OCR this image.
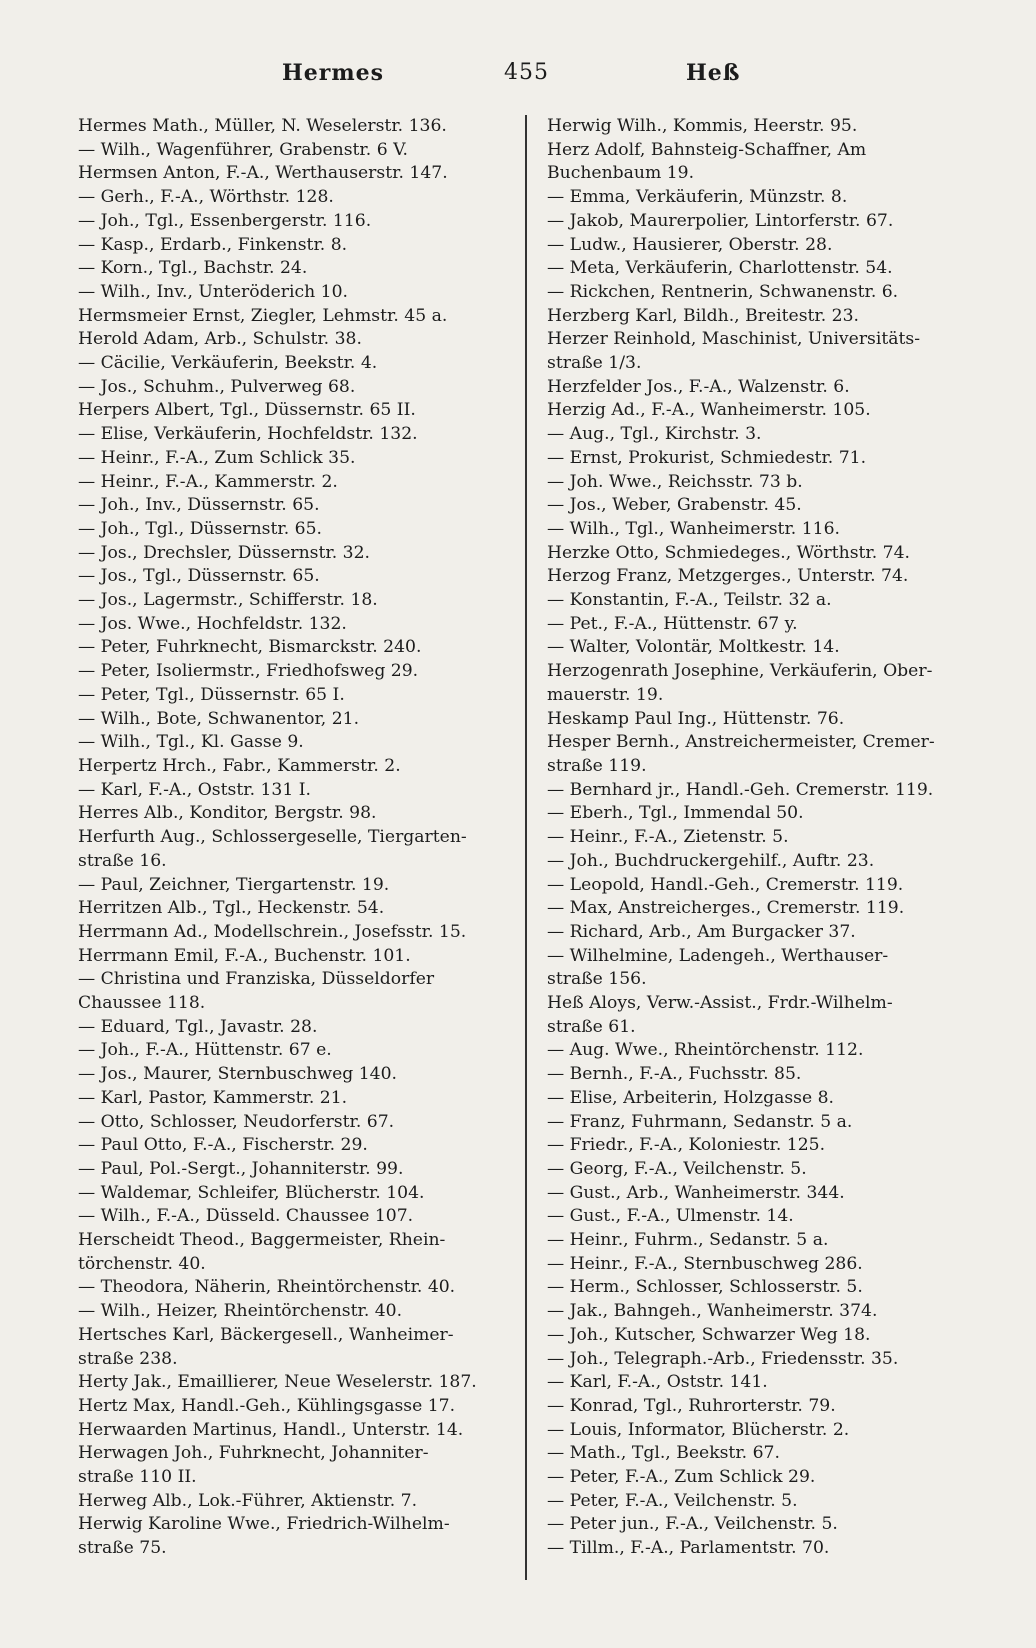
Hermes	455	Heß

Hermes Math., Müller, N. Weselerstr. 136.

— Wilh., Wagenführer, Grabenstr. 6 V.

Hermsen Anton, F.-A., Werthauserstr. 147.

— Gerh., F.-A., Wörthstr. 128.

— Joh., Tgl., Essenbergerstr. 116.

— Kasp., Erdarb., Finkenstr. 8.

— Korn., Tgl., Bachstr. 24.

— Wilh., Inv., Unteröderich 10.

Hermsmeier Ernst, Ziegler, Lehmstr. 45 a.

Herold Adam, Arb., Schulstr. 38.

— Cäcilie, Verkäuferin, Beekstr. 4.

— Jos., Schuhm., Pulverweg 68.

Herpers Albert, Tgl., Düssernstr. 65 II.

— Elise, Verkäuferin, Hochfeldstr. 132.

— Heinr., F.-A., Zum Schlick 35.

— Heinr., F.-A., Kammerstr. 2.

— Joh., Inv., Düssernstr. 65.

— Joh., Tgl., Düssernstr. 65.

— Jos., Drechsler, Düssernstr. 32.

— Jos., Tgl., Düssernstr. 65.

— Jos., Lagermstr., Schifferstr. 18.

— Jos. Wwe., Hochfeldstr. 132.

— Peter, Fuhrknecht, Bismarckstr. 240.

— Peter, Isoliermstr., Friedhofsweg 29.

— Peter, Tgl., Düssernstr. 65 I.

— Wilh., Bote, Schwanentor, 21.

— Wilh., Tgl., Kl. Gasse 9.

Herpertz Hrch., Fabr., Kammerstr. 2.

— Karl, F.-A., Oststr. 131 I.

Herres Alb., Konditor, Bergstr. 98.

Herfurth Aug., Schlossergeselle, Tiergarten-
straße 16.

— Paul, Zeichner, Tiergartenstr. 19.

Herritzen Alb., Tgl., Heckenstr. 54.

Herrmann Ad., Modellschrein., Josefsstr. 15.

Herrmann Emil, F.-A., Buchenstr. 101.

— Christina und Franziska, Düsseldorfer
Chaussee 118.

— Eduard, Tgl., Javastr. 28.

— Joh., F.-A., Hüttenstr. 67 e.

— Jos., Maurer, Sternbuschweg 140.

— Karl, Pastor, Kammerstr. 21.

— Otto, Schlosser, Neudorferstr. 67.

— Paul Otto, F.-A., Fischerstr. 29.

— Paul, Pol.-Sergt., Johanniterstr. 99.

— Waldemar, Schleifer, Blücherstr. 104.

— Wilh., F.-A., Düsseld. Chaussee 107.

Herscheidt Theod., Baggermeister, Rhein-
törchenstr. 40.

— Theodora, Näherin, Rheintörchenstr. 40.

— Wilh., Heizer, Rheintörchenstr. 40.

Hertsches Karl, Bäckergesell., Wanheimer-
straße 238.

Herty Jak., Emaillierer, Neue Weselerstr. 187.

Hertz Max, Handl.-Geh., Kühlingsgasse 17.

Herwaarden Martinus, Handl., Unterstr. 14.

Herwagen Joh., Fuhrknecht, Johanniter-
straße 110 II.

Herweg Alb., Lok.-Führer, Aktienstr. 7.

Herwig Karoline Wwe., Friedrich-Wilhelm-
straße 75.

Herwig Wilh., Kommis, Heerstr. 95.

Herz Adolf, Bahnsteig-Schaffner, Am
Buchenbaum 19.

— Emma, Verkäuferin, Münzstr. 8.

— Jakob, Maurerpolier, Lintorferstr. 67.

— Ludw., Hausierer, Oberstr. 28.

— Meta, Verkäuferin, Charlottenstr. 54.

— Rickchen, Rentnerin, Schwanenstr. 6.

Herzberg Karl, Bildh., Breitestr. 23.

Herzer Reinhold, Maschinist, Universitäts-
straße 1/3.

Herzfelder Jos., F.-A., Walzenstr. 6.

Herzig Ad., F.-A., Wanheimerstr. 105.

— Aug., Tgl., Kirchstr. 3.

— Ernst, Prokurist, Schmiedestr. 71.

— Joh. Wwe., Reichsstr. 73 b.

— Jos., Weber, Grabenstr. 45.

— Wilh., Tgl., Wanheimerstr. 116.

Herzke Otto, Schmiedeges., Wörthstr. 74.

Herzog Franz, Metzgerges., Unterstr. 74.

— Konstantin, F.-A., Teilstr. 32 a.

— Pet., F.-A., Hüttenstr. 67 y.

— Walter, Volontär, Moltkestr. 14.

Herzogenrath Josephine, Verkäuferin, Ober-
mauerstr. 19.

Heskamp Paul Ing., Hüttenstr. 76.

Hesper Bernh., Anstreichermeister, Cremer-
straße 119.

— Bernhard jr., Handl.-Geh. Cremerstr. 119.

— Eberh., Tgl., Immendal 50.

— Heinr., F.-A., Zietenstr. 5.

— Joh., Buchdruckergehilf., Auftr. 23.

— Leopold, Handl.-Geh., Cremerstr. 119.

— Max, Anstreicherges., Cremerstr. 119.

— Richard, Arb., Am Burgacker 37.

— Wilhelmine, Ladengeh., Werthauser-
straße 156.

Heß Aloys, Verw.-Assist., Frdr.-Wilhelm-
straße 61.

— Aug. Wwe., Rheintörchenstr. 112.

— Bernh., F.-A., Fuchsstr. 85.

— Elise, Arbeiterin, Holzgasse 8.

— Franz, Fuhrmann, Sedanstr. 5 a.

— Friedr., F.-A., Koloniestr. 125.

— Georg, F.-A., Veilchenstr. 5.

— Gust., Arb., Wanheimerstr. 344.

— Gust., F.-A., Ulmenstr. 14.

— Heinr., Fuhrm., Sedanstr. 5 a.

— Heinr., F.-A., Sternbuschweg 286.

— Herm., Schlosser, Schlosserstr. 5.

— Jak., Bahngeh., Wanheimerstr. 374.

— Joh., Kutscher, Schwarzer Weg 18.

— Joh., Telegraph.-Arb., Friedensstr. 35.

— Karl, F.-A., Oststr. 141.

— Konrad, Tgl., Ruhrorterstr. 79.

— Louis, Informator, Blücherstr. 2.

— Math., Tgl., Beekstr. 67.

— Peter, F.-A., Zum Schlick 29.

— Peter, F.-A., Veilchenstr. 5.

— Peter jun., F.-A., Veilchenstr. 5.

— Tillm., F.-A., Parlamentstr. 70.
